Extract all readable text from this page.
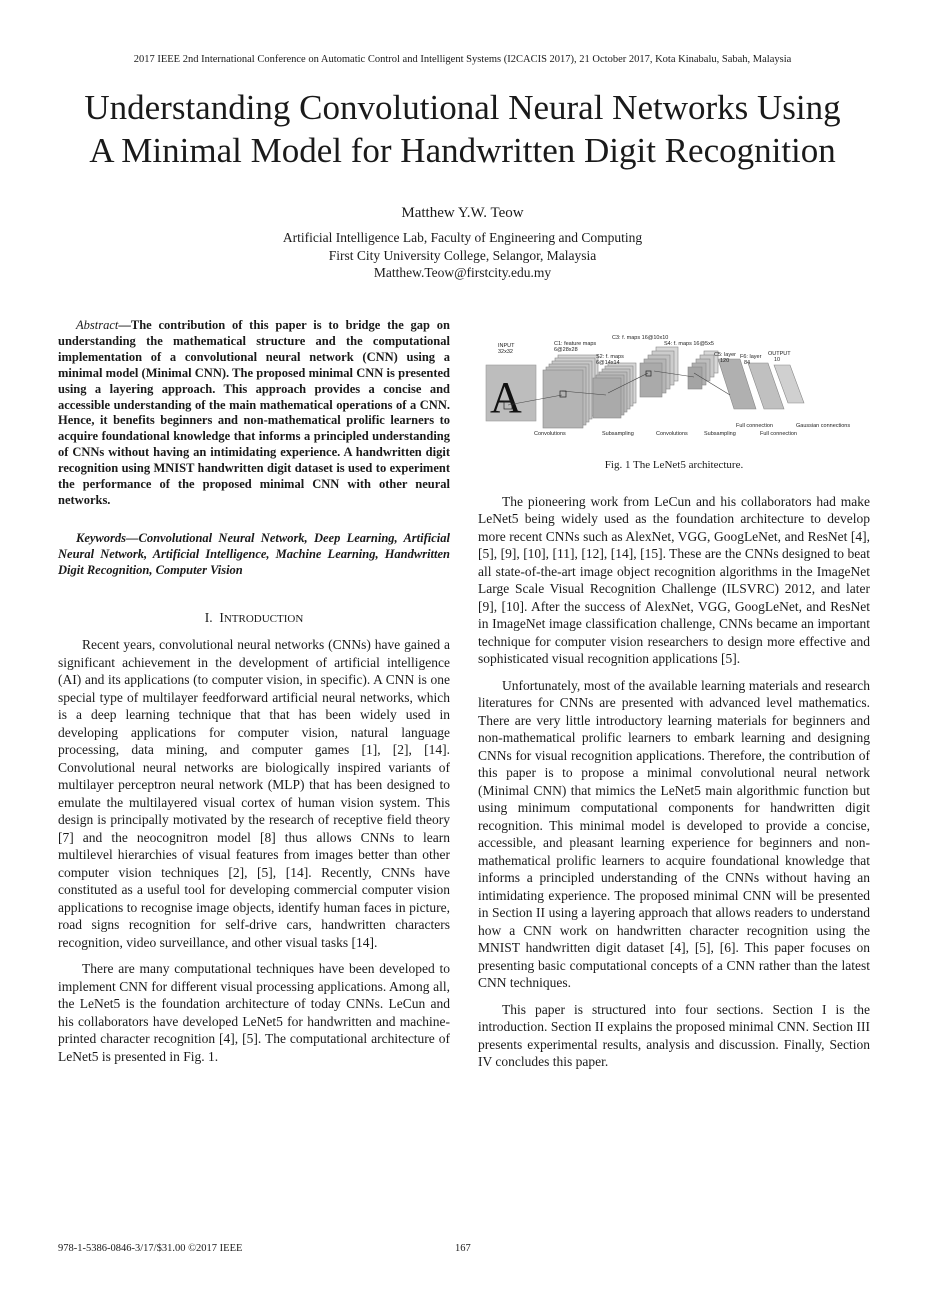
2017 IEEE 2nd International Conference on Automatic Control and Intelligent Systems (I2CACIS 2017), 21 October 2017, Kota Kinabalu, Sabah, Malaysia
Understanding Convolutional Neural Networks Using
A Minimal Model for Handwritten Digit Recognition
Matthew Y.W. Teow
Artificial Intelligence Lab, Faculty of Engineering and Computing
First City University College, Selangor, Malaysia
Matthew.Teow@firstcity.edu.my

Abstract—The contribution of this paper is to bridge the gap on understanding the mathematical structure and the computational implementation of a convolutional neural network (CNN) using a minimal model (Minimal CNN). The proposed minimal CNN is presented using a layering approach. This approach provides a concise and accessible understanding of the main mathematical operations of a CNN. Hence, it benefits beginners and non-mathematical prolific learners to acquire foundational knowledge that informs a principled understanding of CNNs without having an intimidating experience. A handwritten digit recognition using MNIST handwritten digit dataset is used to experiment the performance of the proposed minimal CNN with other neural networks.

Keywords—Convolutional Neural Network, Deep Learning, Artificial Neural Network, Artificial Intelligence, Machine Learning, Handwritten Digit Recognition, Computer Vision

I. INTRODUCTION

Recent years, convolutional neural networks (CNNs) have gained a significant achievement in the development of artificial intelligence (AI) and its applications (to computer vision, in specific). A CNN is one special type of multilayer feedforward artificial neural networks, which is a deep learning technique that that has been widely used in developing applications for computer vision, natural language processing, data mining, and computer games [1], [2], [14]. Convolutional neural networks are biologically inspired variants of multilayer perceptron neural network (MLP) that has been designed to emulate the multilayered visual cortex of human vision system. This design is principally motivated by the research of receptive field theory [7] and the neocognitron model [8] thus allows CNNs to learn multilevel hierarchies of visual features from images better than other computer vision techniques [2], [5], [14]. Recently, CNNs have constituted as a useful tool for developing commercial computer vision applications to recognise image objects, identify human faces in picture, road signs recognition for self-drive cars, handwritten characters recognition, video surveillance, and other visual tasks [14].

There are many computational techniques have been developed to implement CNN for different visual processing applications. Among all, the LeNet5 is the foundation architecture of today CNNs. LeCun and his collaborators have developed LeNet5 for handwritten and machine-printed character recognition [4], [5]. The computational architecture of LeNet5 is presented in Fig. 1.

A
INPUT
32x32
C1: feature maps
6@28x28
C3: f. maps 16@10x10
S2: f. maps
6@14x14
S4: f. maps 16@5x5
C5: layer
120
F6: layer
84
OUTPUT
10
Convolutions	Subsampling	Convolutions	Subsampling
Full connection	Gaussian connections
Full connection
Fig. 1 The LeNet5 architecture.

The pioneering work from LeCun and his collaborators had make LeNet5 being widely used as the foundation architecture to develop more recent CNNs such as AlexNet, VGG, GoogLeNet, and ResNet [4], [5], [9], [10], [11], [12], [14], [15]. These are the CNNs designed to beat all state-of-the-art image object recognition algorithms in the ImageNet Large Scale Visual Recognition Challenge (ILSVRC) 2012, and later [9], [10]. After the success of AlexNet, VGG, GoogLeNet, and ResNet in ImageNet image classification challenge, CNNs became an important technique for computer vision researchers to design more effective and sophisticated visual recognition applications [5].

Unfortunately, most of the available learning materials and research literatures for CNNs are presented with advanced level mathematics. There are very little introductory learning materials for beginners and non-mathematical prolific learners to embark learning and designing CNNs for visual recognition applications. Therefore, the contribution of this paper is to propose a minimal convolutional neural network (Minimal CNN) that mimics the LeNet5 main algorithmic function but using minimum computational components for handwritten digit recognition. This minimal model is developed to provide a concise, accessible, and pleasant learning experience for beginners and non-mathematical prolific learners to acquire foundational knowledge that informs a principled understanding of the CNNs without having an intimidating experience. The proposed minimal CNN will be presented in Section II using a layering approach that allows readers to understand how a CNN work on handwritten character recognition using the MNIST handwritten digit dataset [4], [5], [6]. This paper focuses on presenting basic computational concepts of a CNN rather than the latest CNN techniques.

This paper is structured into four sections. Section I is the introduction. Section II explains the proposed minimal CNN. Section III presents experimental results, analysis and discussion. Finally, Section IV concludes this paper.

978-1-5386-0846-3/17/$31.00 ©2017 IEEE	167
